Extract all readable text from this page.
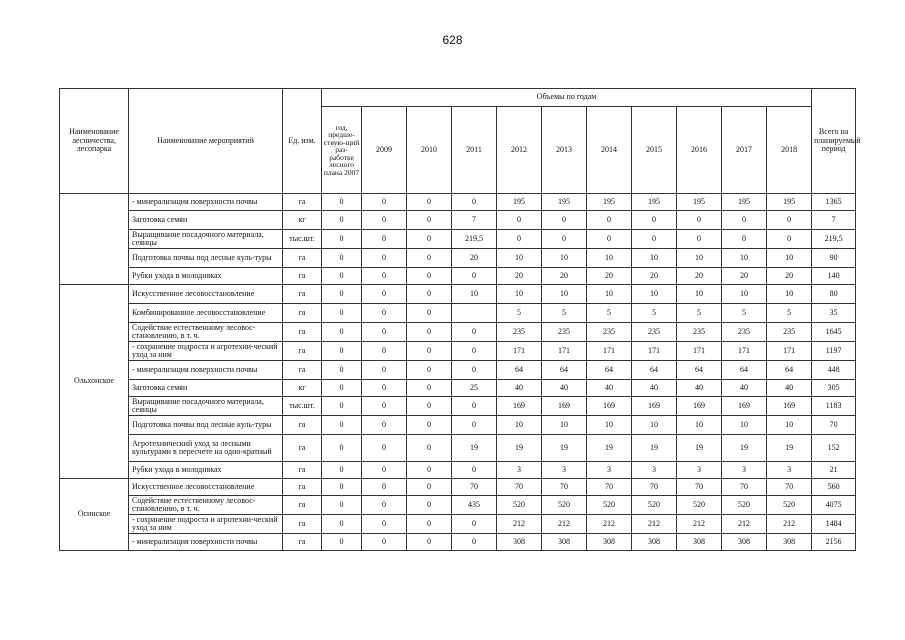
628
Наименование лесничества, лесопарка	Наименование мероприятий	Ед. изм.	Объемы по годам											Всего на планируемый период
			год, предше-ствую-щий раз-работке лесного плана 2007	2009	2010	2011	2012	2013	2014	2015	2016	2017	2018	
	- минерализация поверхности почвы	га	0	0	0	0	195	195	195	195	195	195	195	1365
	Заготовка семян	кг	0	0	0	7	0	0	0	0	0	0	0	7
	Выращивание посадочного материала, сеянцы	тыс.шт.	0	0	0	219,5	0	0	0	0	0	0	0	219,5
	Подготовка почвы под лесные куль-туры	га	0	0	0	20	10	10	10	10	10	10	10	90
	Рубки ухода в молодняках	га	0	0	0	0	20	20	20	20	20	20	20	140
Ольхонское	Искусственное лесовосстановление	га	0	0	0	10	10	10	10	10	10	10	10	80
	Комбинированное лесовосстановление	га	0	0	0		5	5	5	5	5	5	5	35
	Содействие естественному лесовос-становлению, в т. ч.	га	0	0	0	0	235	235	235	235	235	235	235	1645
	- сохранение подроста и агротехни-ческий уход за ним	га	0	0	0	0	171	171	171	171	171	171	171	1197
	- минерализация поверхности почвы	га	0	0	0	0	64	64	64	64	64	64	64	448
	Заготовка семян	кг	0	0	0	25	40	40	40	40	40	40	40	305
	Выращивание посадочного материала, сеянцы	тыс.шт.	0	0	0	0	169	169	169	169	169	169	169	1183
	Подготовка почвы под лесные куль-туры	га	0	0	0	0	10	10	10	10	10	10	10	70
	Агротехнический уход за лесными культурами в пересчете на одно-кратный	га	0	0	0	19	19	19	19	19	19	19	19	152
	Рубки ухода в молодняках	га	0	0	0	0	3	3	3	3	3	3	3	21
Осинское	Искусственное лесовосстановление	га	0	0	0	70	70	70	70	70	70	70	70	560
	Содействие естественному лесовос-становлению, в т. ч.	га	0	0	0	435	520	520	520	520	520	520	520	4075
	- сохранение подроста и агротехни-ческий уход за ним	га	0	0	0	0	212	212	212	212	212	212	212	1484
	- минерализация поверхности почвы	га	0	0	0	0	308	308	308	308	308	308	308	2156
